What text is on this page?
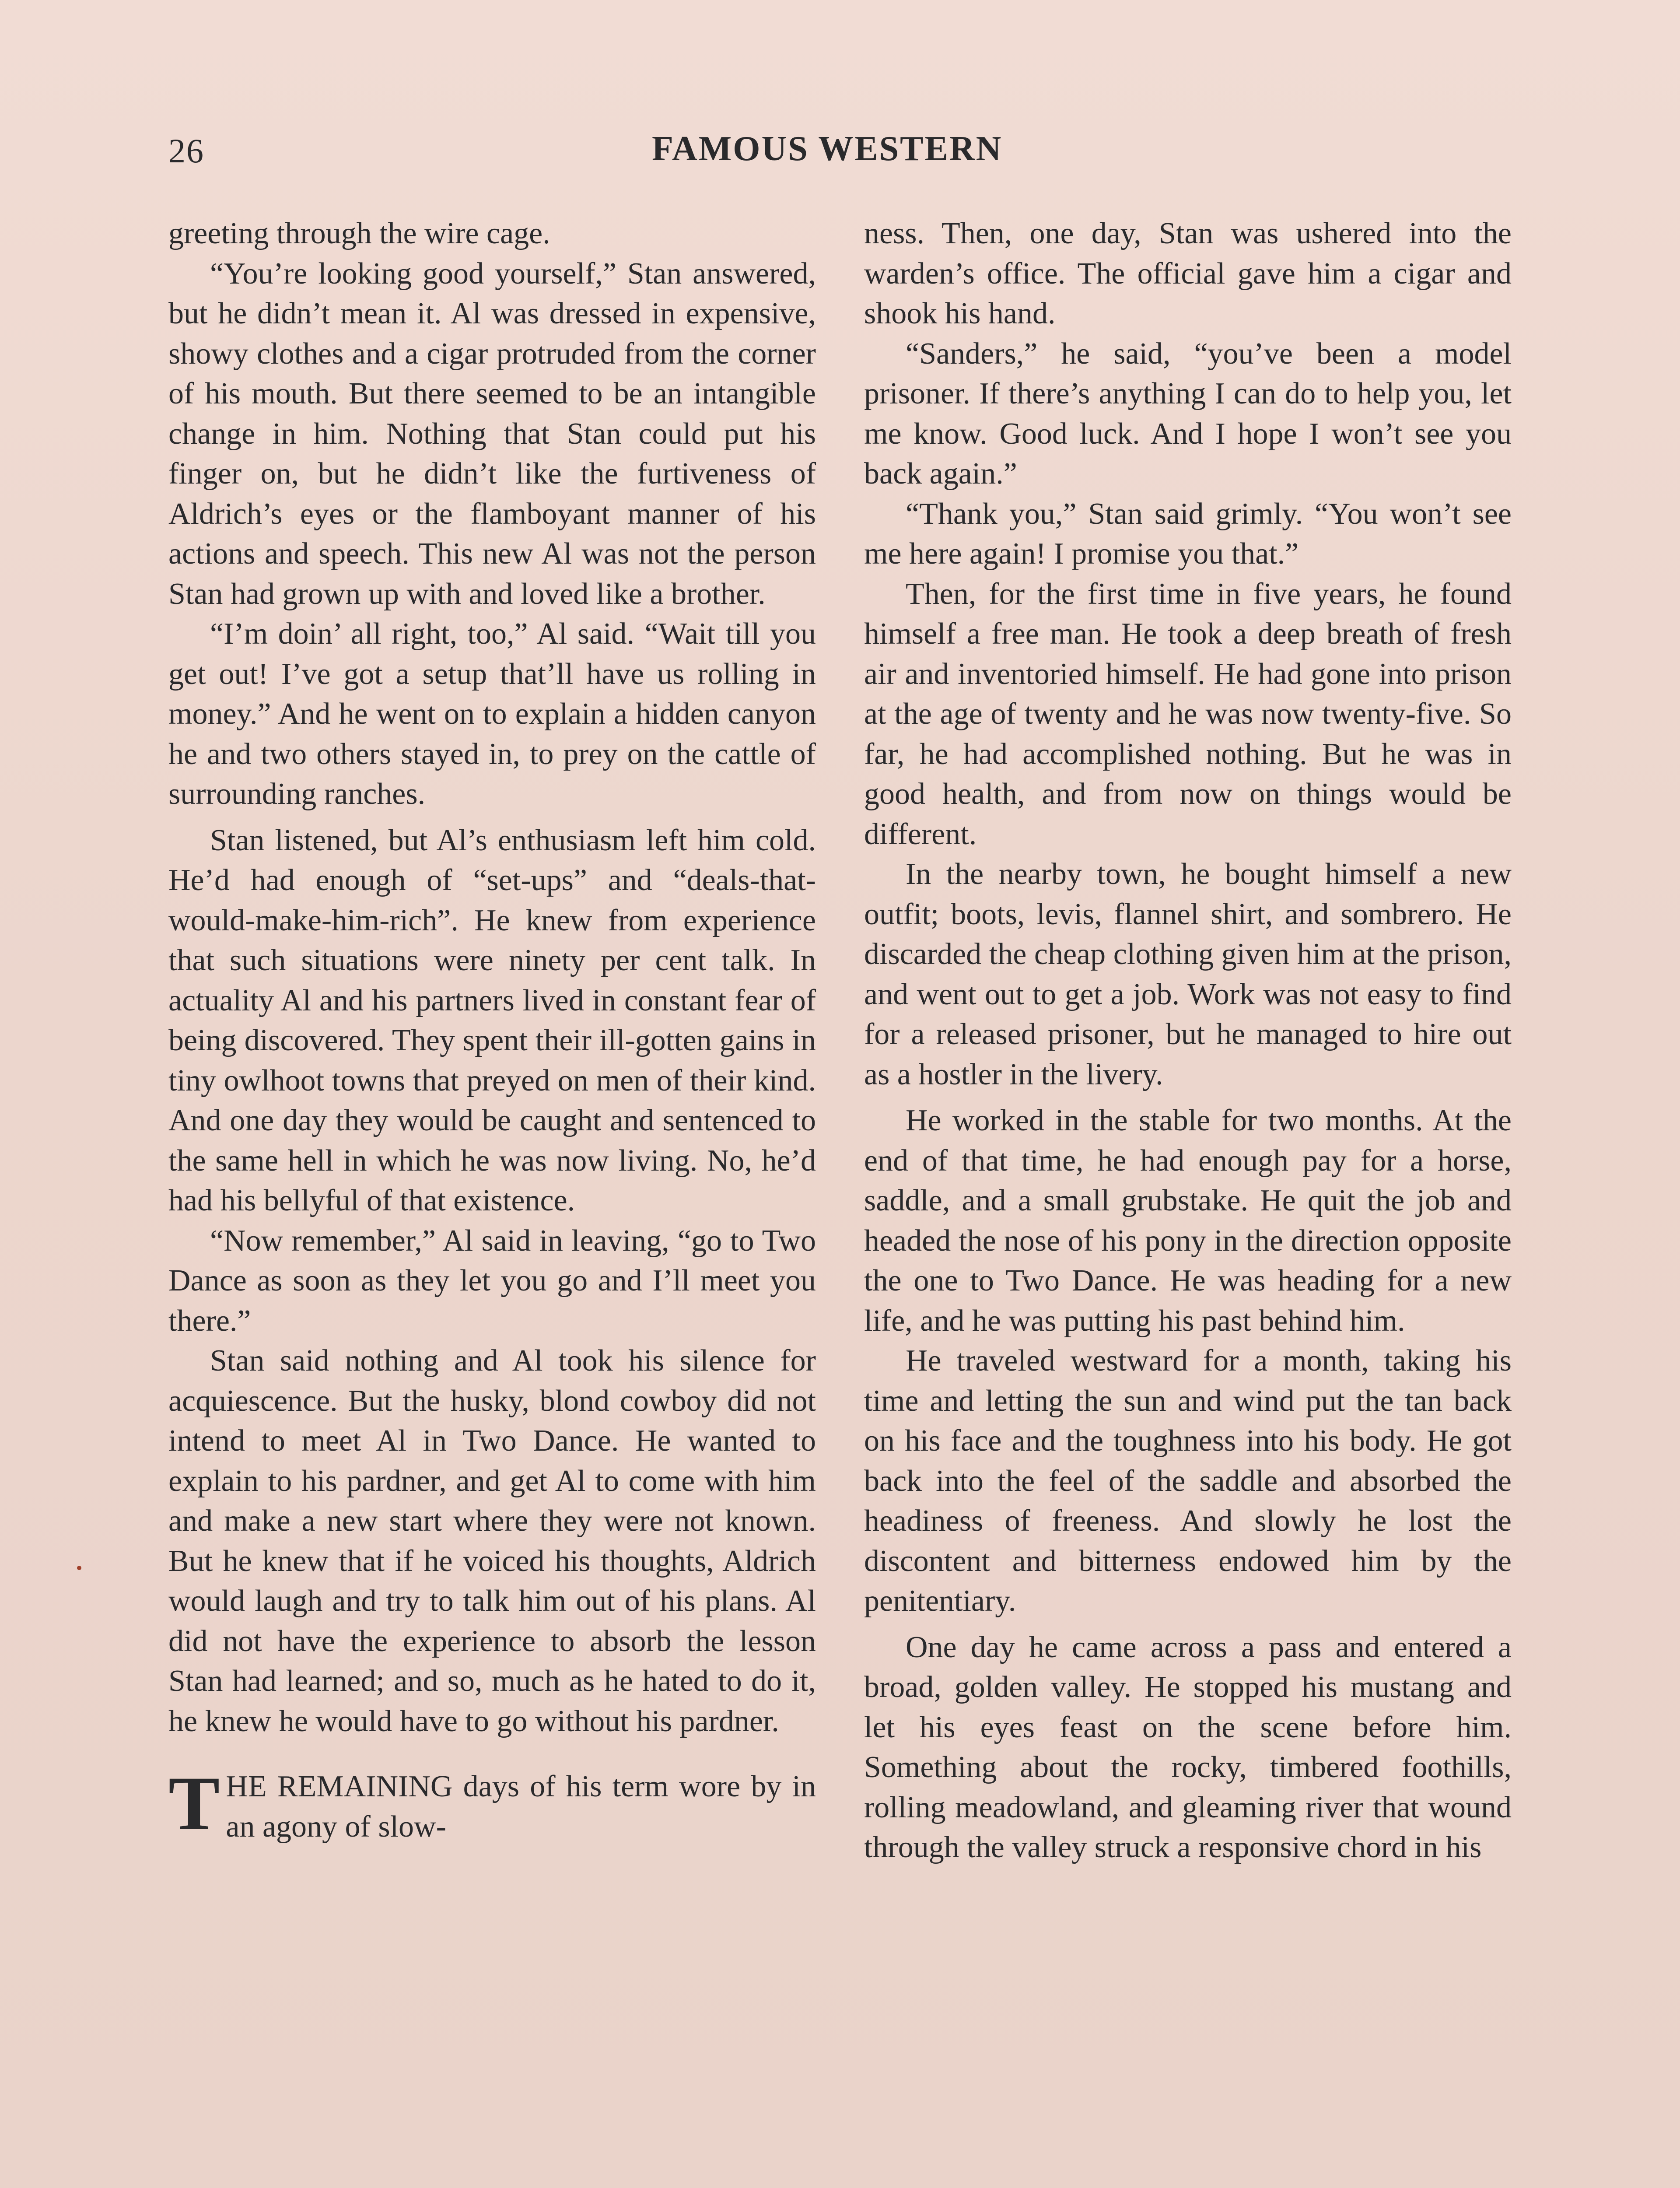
26	FAMOUS WESTERN

greeting through the wire cage.

“You’re looking good yourself,” Stan answered, but he didn’t mean it. Al was dressed in expensive, showy clothes and a cigar protruded from the corner of his mouth. But there seemed to be an intangible change in him. Nothing that Stan could put his finger on, but he didn’t like the furtiveness of Aldrich’s eyes or the flamboyant manner of his actions and speech. This new Al was not the person Stan had grown up with and loved like a brother.

“I’m doin’ all right, too,” Al said. “Wait till you get out! I’ve got a setup that’ll have us rolling in money.” And he went on to explain a hidden canyon he and two others stayed in, to prey on the cattle of surrounding ranches.

Stan listened, but Al’s enthusiasm left him cold. He’d had enough of “set-ups” and “deals-that-would-make-him-rich”. He knew from experience that such situations were ninety per cent talk. In actuality Al and his partners lived in constant fear of being discovered. They spent their ill-gotten gains in tiny owlhoot towns that preyed on men of their kind. And one day they would be caught and sentenced to the same hell in which he was now living. No, he’d had his bellyful of that existence.

“Now remember,” Al said in leaving, “go to Two Dance as soon as they let you go and I’ll meet you there.”

Stan said nothing and Al took his silence for acquiescence. But the husky, blond cowboy did not intend to meet Al in Two Dance. He wanted to explain to his pardner, and get Al to come with him and make a new start where they were not known. But he knew that if he voiced his thoughts, Aldrich would laugh and try to talk him out of his plans. Al did not have the experience to absorb the lesson Stan had learned; and so, much as he hated to do it, he knew he would have to go without his pardner.

THE REMAINING days of his term wore by in an agony of slow-

ness. Then, one day, Stan was ushered into the warden’s office. The official gave him a cigar and shook his hand.

“Sanders,” he said, “you’ve been a model prisoner. If there’s anything I can do to help you, let me know. Good luck. And I hope I won’t see you back again.”

“Thank you,” Stan said grimly. “You won’t see me here again! I promise you that.”

Then, for the first time in five years, he found himself a free man. He took a deep breath of fresh air and inventoried himself. He had gone into prison at the age of twenty and he was now twenty-five. So far, he had accomplished nothing. But he was in good health, and from now on things would be different.

In the nearby town, he bought himself a new outfit; boots, levis, flannel shirt, and sombrero. He discarded the cheap clothing given him at the prison, and went out to get a job. Work was not easy to find for a released prisoner, but he managed to hire out as a hostler in the livery.

He worked in the stable for two months. At the end of that time, he had enough pay for a horse, saddle, and a small grubstake. He quit the job and headed the nose of his pony in the direction opposite the one to Two Dance. He was heading for a new life, and he was putting his past behind him.

He traveled westward for a month, taking his time and letting the sun and wind put the tan back on his face and the toughness into his body. He got back into the feel of the saddle and absorbed the headiness of freeness. And slowly he lost the discontent and bitterness endowed him by the penitentiary.

One day he came across a pass and entered a broad, golden valley. He stopped his mustang and let his eyes feast on the scene before him. Something about the rocky, timbered foothills, rolling meadowland, and gleaming river that wound through the valley struck a responsive chord in his
